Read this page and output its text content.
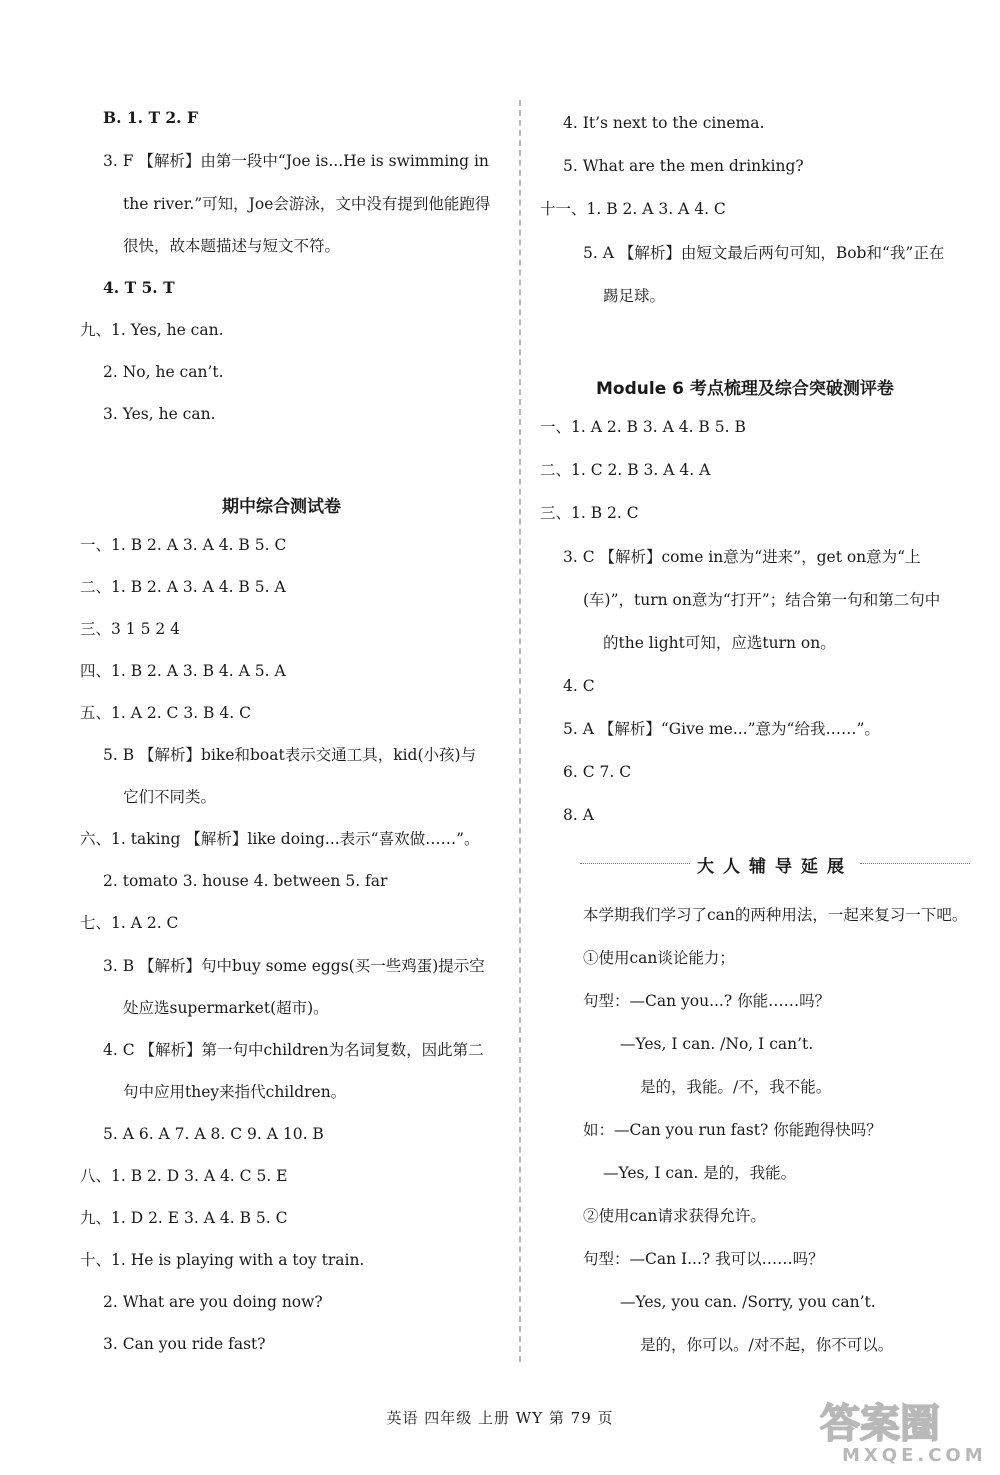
B. 1. T 2. F
3. F 【解析】由第一段中“Joe is...He is swimming in
the river.”可知，Joe会游泳，文中没有提到他能跑得
很快，故本题描述与短文不符。
4. T 5. T
九、1. Yes, he can.
2. No, he can’t.
3. Yes, he can.
一、1. B 2. A 3. A 4. B 5. C
二、1. B 2. A 3. A 4. B 5. A
三、3 1 5 2 4
四、1. B 2. A 3. B 4. A 5. A
五、1. A 2. C 3. B 4. C
5. B 【解析】bike和boat表示交通工具，kid(小孩)与
它们不同类。
六、1. taking 【解析】like doing...表示“喜欢做……”。
2. tomato 3. house 4. between 5. far
七、1. A 2. C
3. B 【解析】句中buy some eggs(买一些鸡蛋)提示空
处应选supermarket(超市)。
4. C 【解析】第一句中children为名词复数，因此第二
句中应用they来指代children。
5. A 6. A 7. A 8. C 9. A 10. B
八、1. B 2. D 3. A 4. C 5. E
九、1. D 2. E 3. A 4. B 5. C
十、1. He is playing with a toy train.
2. What are you doing now?
3. Can you ride fast?
4. It’s next to the cinema.
5. What are the men drinking?
十一、1. B 2. A 3. A 4. C
5. A 【解析】由短文最后两句可知，Bob和“我”正在
踢足球。
一、1. A 2. B 3. A 4. B 5. B
二、1. C 2. B 3. A 4. A
三、1. B 2. C
3. C 【解析】come in意为“进来”，get on意为“上
(车)”，turn on意为“打开”；结合第一句和第二句中
的the light可知，应选turn on。
4. C
5. A 【解析】“Give me...”意为“给我……”。
6. C 7. C
8. A
本学期我们学习了can的两种用法，一起来复习一下吧。
①使用can谈论能力；
句型：—Can you...? 你能……吗？
—Yes, I can. /No, I can’t.
是的，我能。/不，我不能。
如：—Can you run fast? 你能跑得快吗？
—Yes, I can. 是的，我能。
②使用can请求获得允许。
句型：—Can I...? 我可以……吗？
—Yes, you can. /Sorry, you can’t.
是的，你可以。/对不起，你不可以。
期中综合测试卷
Module 6 考点梳理及综合突破测评卷
大人辅导延展
英语 四年级 上册 WY 第 79 页	答案圈
MXQE.COM
